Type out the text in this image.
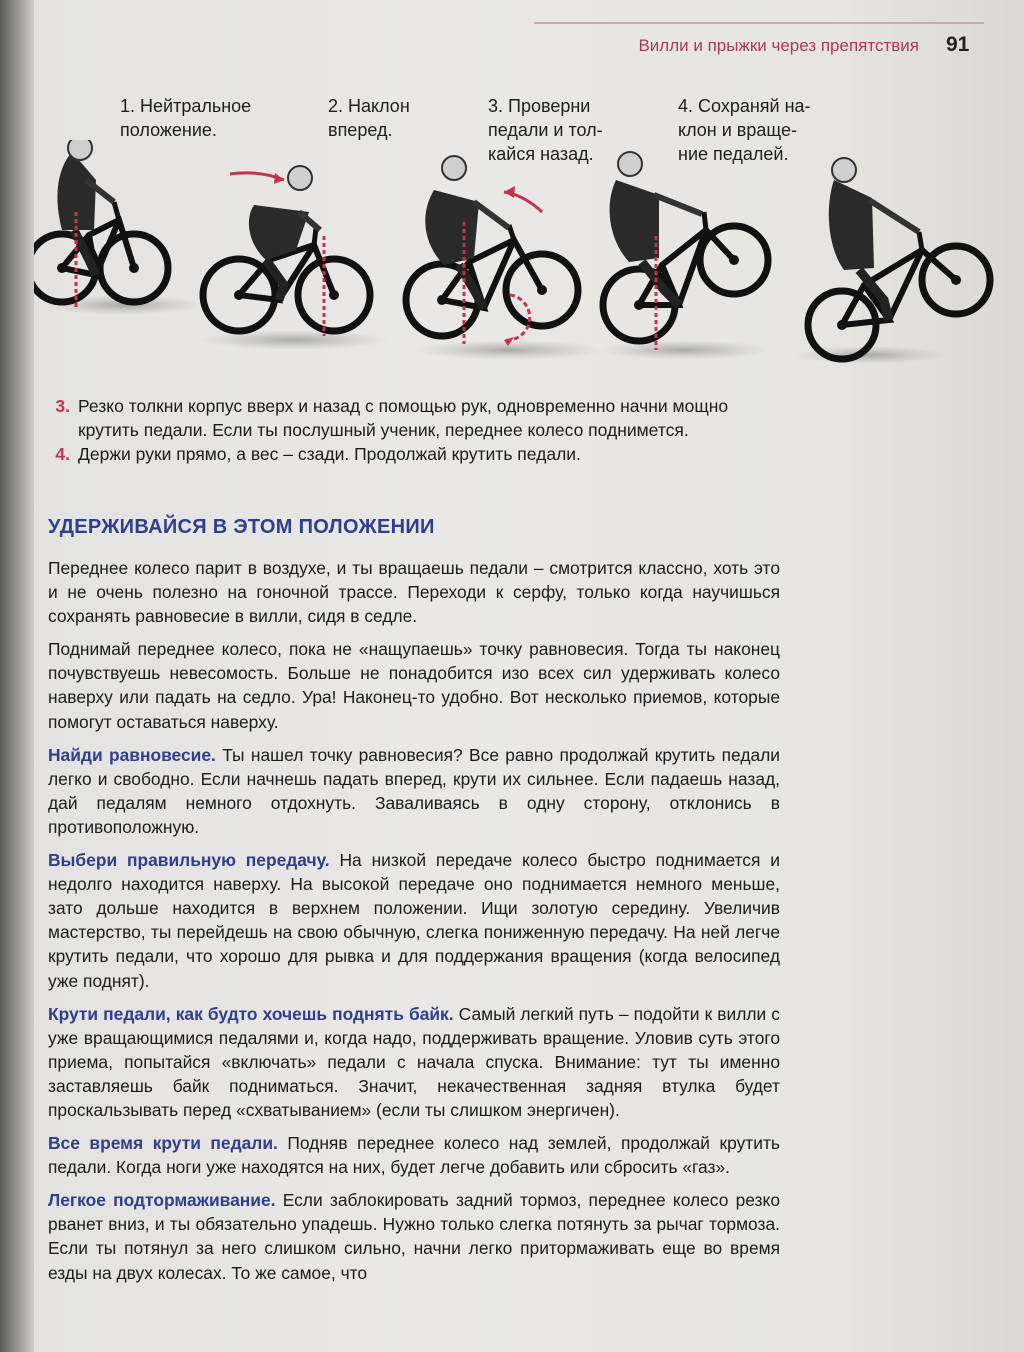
Вилли и прыжки через препятствия 91
1. Нейтральное
положение.
2. Наклон
вперед.
3. Проверни
педали и тол-
кайся назад.
4. Сохраняй на-
клон и враще-
ние педалей.
3. Резко толкни корпус вверх и назад с помощью рук, одновременно начни мощно крутить педали. Если ты послушный ученик, переднее колесо поднимется.
4. Держи руки прямо, а вес – сзади. Продолжай крутить педали.
УДЕРЖИВАЙСЯ В ЭТОМ ПОЛОЖЕНИИ

Переднее колесо парит в воздухе, и ты вращаешь педали – смотрится классно, хоть это и не очень полезно на гоночной трассе. Переходи к серфу, только когда научишься сохранять равновесие в вилли, сидя в седле.

Поднимай переднее колесо, пока не «нащупаешь» точку равновесия. Тогда ты наконец почувствуешь невесомость. Больше не понадобится изо всех сил удерживать колесо наверху или падать на седло. Ура! Наконец-то удобно. Вот несколько приемов, которые помогут оставаться наверху.

Найди равновесие. Ты нашел точку равновесия? Все равно продолжай крутить педали легко и свободно. Если начнешь падать вперед, крути их сильнее. Если падаешь назад, дай педалям немного отдохнуть. Заваливаясь в одну сторону, отклонись в противоположную.

Выбери правильную передачу. На низкой передаче колесо быстро поднимается и недолго находится наверху. На высокой передаче оно поднимается немного меньше, зато дольше находится в верхнем положении. Ищи золотую середину. Увеличив мастерство, ты перейдешь на свою обычную, слегка пониженную передачу. На ней легче крутить педали, что хорошо для рывка и для поддержания вращения (когда велосипед уже поднят).

Крути педали, как будто хочешь поднять байк. Самый легкий путь – подойти к вилли с уже вращающимися педалями и, когда надо, поддерживать вращение. Уловив суть этого приема, попытайся «включать» педали с начала спуска. Внимание: тут ты именно заставляешь байк подниматься. Значит, некачественная задняя втулка будет проскальзывать перед «схватыванием» (если ты слишком энергичен).

Все время крути педали. Подняв переднее колесо над землей, продолжай крутить педали. Когда ноги уже находятся на них, будет легче добавить или сбросить «газ».

Легкое подтормаживание. Если заблокировать задний тормоз, переднее колесо резко рванет вниз, и ты обязательно упадешь. Нужно только слегка потянуть за рычаг тормоза. Если ты потянул за него слишком сильно, начни легко притормаживать еще во время езды на двух колесах. То же самое, что
